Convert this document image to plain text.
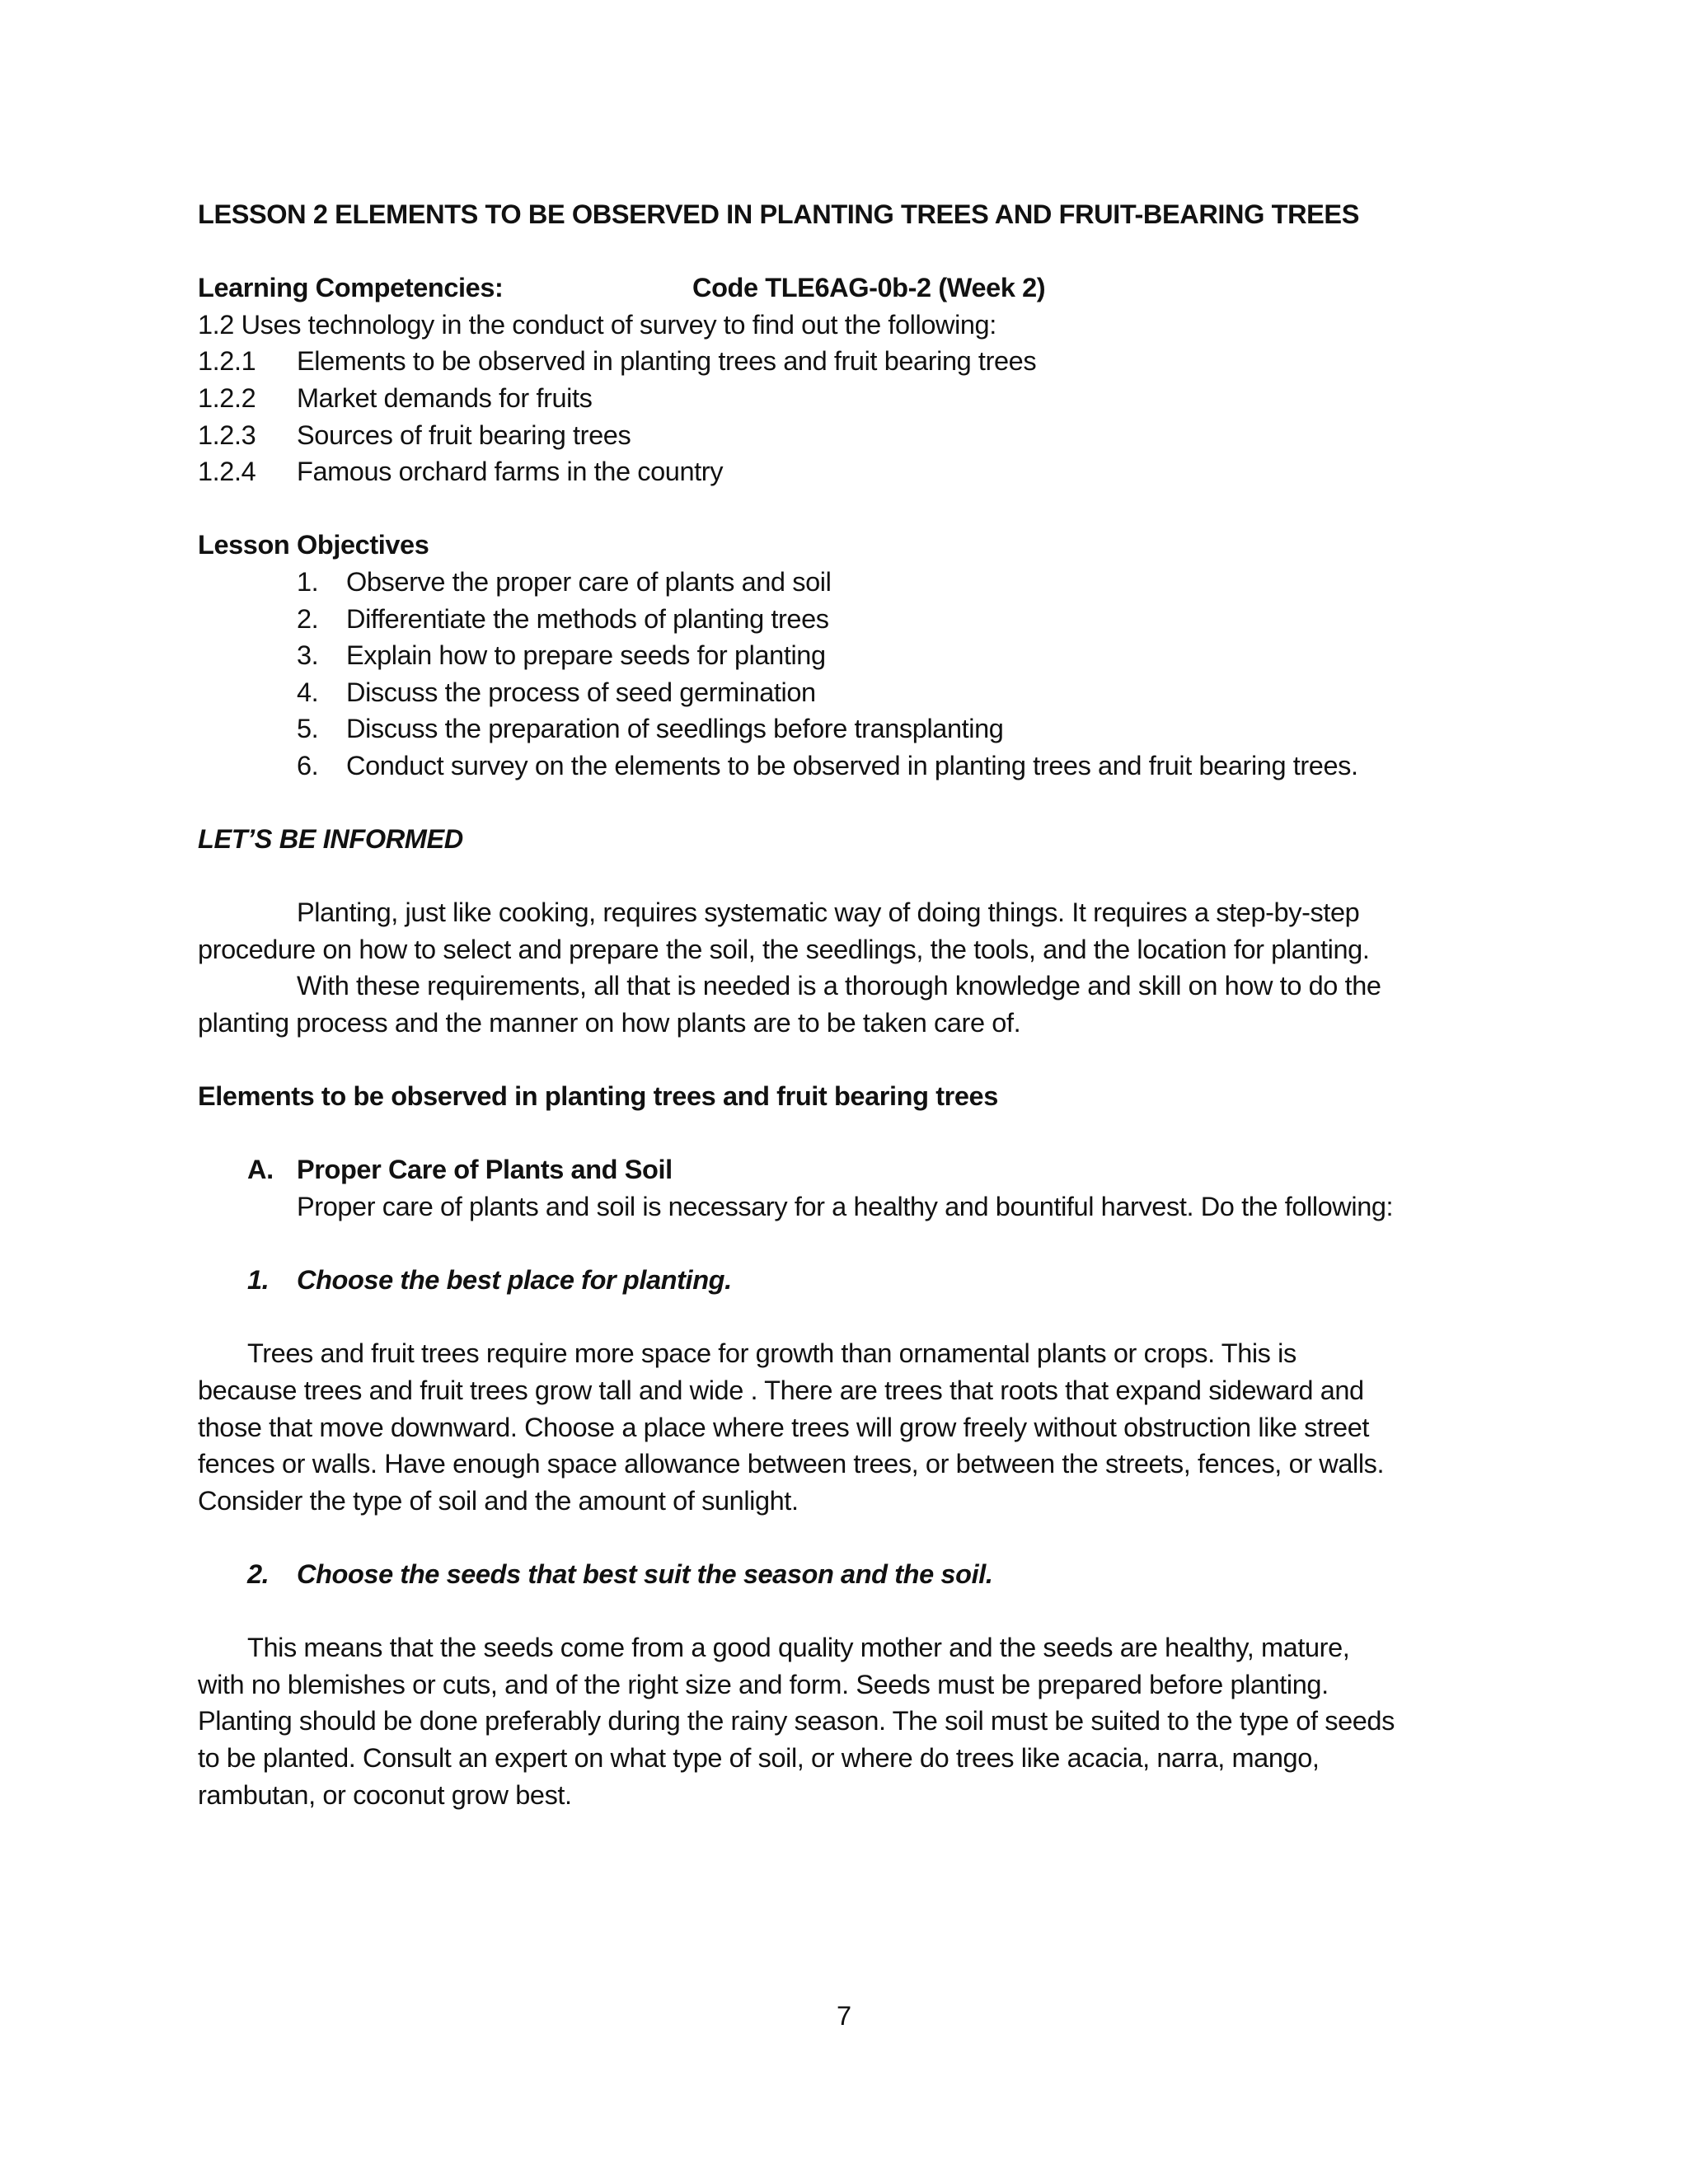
LESSON 2 ELEMENTS TO BE OBSERVED IN PLANTING TREES AND FRUIT-BEARING TREES
Learning Competencies:	Code TLE6AG-0b-2 (Week 2)
1.2 Uses technology in the conduct of survey to find out the following:
1.2.1	Elements to be observed in planting trees and fruit bearing trees
1.2.2	Market demands for fruits
1.2.3	Sources of fruit bearing trees
1.2.4	Famous orchard farms in the country
Lesson Objectives
1.	Observe the proper care of plants and soil
2.	Differentiate the methods of planting trees
3.	Explain how to prepare seeds for planting
4.	Discuss the process of seed germination
5.	Discuss the preparation of seedlings before transplanting
6.	Conduct survey on the elements to be observed in planting trees and fruit bearing trees.
LET’S BE INFORMED
Planting, just like cooking, requires systematic way of doing things. It requires a step-by-step
procedure on how to select and prepare the soil, the seedlings, the tools, and the location for planting.
With these requirements, all that is needed is a thorough knowledge and skill on how to do the
planting process and the manner on how plants are to be taken care of.
Elements to be observed in planting trees and fruit bearing trees
A. Proper Care of Plants and Soil
Proper care of plants and soil is necessary for a healthy and bountiful harvest. Do the following:
1.	Choose the best place for planting.
Trees and fruit trees require more space for growth than ornamental plants or crops. This is
because trees and fruit trees grow tall and wide . There are trees that roots that expand sideward and
those that move downward. Choose a place where trees will grow freely without obstruction like street
fences or walls. Have enough space allowance between trees, or between the streets, fences, or walls.
Consider the type of soil and the amount of sunlight.
2.	Choose the seeds that best suit the season and the soil.
This means that the seeds come from a good quality mother and the seeds are healthy, mature,
with no blemishes or cuts, and of the right size and form. Seeds must be prepared before planting.
Planting should be done preferably during the rainy season. The soil must be suited to the type of seeds
to be planted. Consult an expert on what type of soil, or where do trees like acacia, narra, mango,
rambutan, or coconut grow best.
7
